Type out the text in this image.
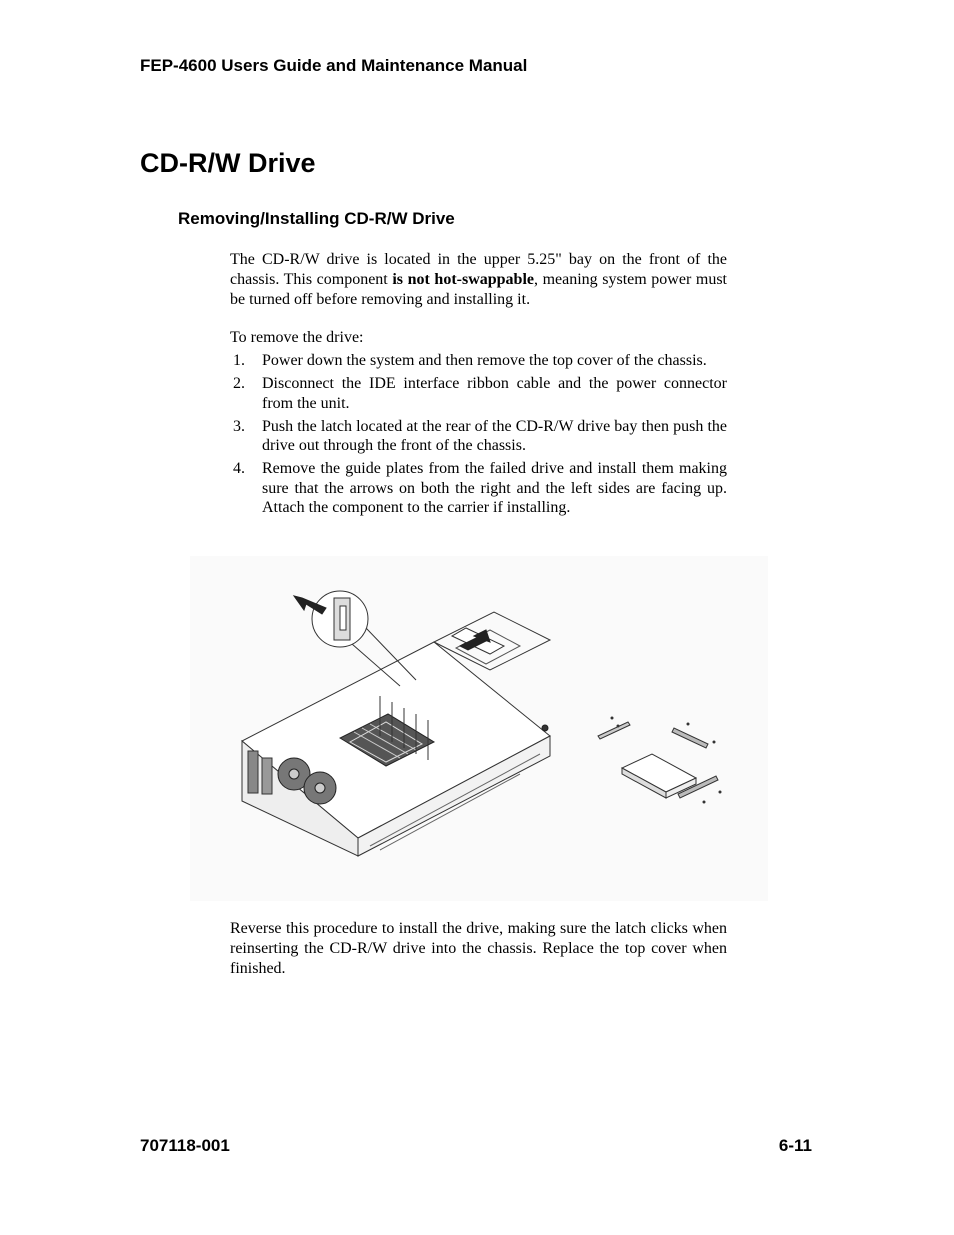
FEP-4600 Users Guide and Maintenance Manual
CD-R/W Drive
Removing/Installing CD-R/W Drive

The CD-R/W drive is located in the upper 5.25" bay on the front of the chassis. This component is not hot-swappable, meaning system power must be turned off before removing and installing it.

To remove the drive:

1. Power down the system and then remove the top cover of the chassis.
2. Disconnect the IDE interface ribbon cable and the power connector from the unit.
3. Push the latch located at the rear of the CD-R/W drive bay then push the drive out through the front of the chassis.
4. Remove the guide plates from the failed drive and install them making sure that the arrows on both the right and the left sides are facing up. Attach the component to the carrier if installing.

Reverse this procedure to install the drive, making sure the latch clicks when reinserting the CD-R/W drive into the chassis. Replace the top cover when finished.

707118-001	6-11
